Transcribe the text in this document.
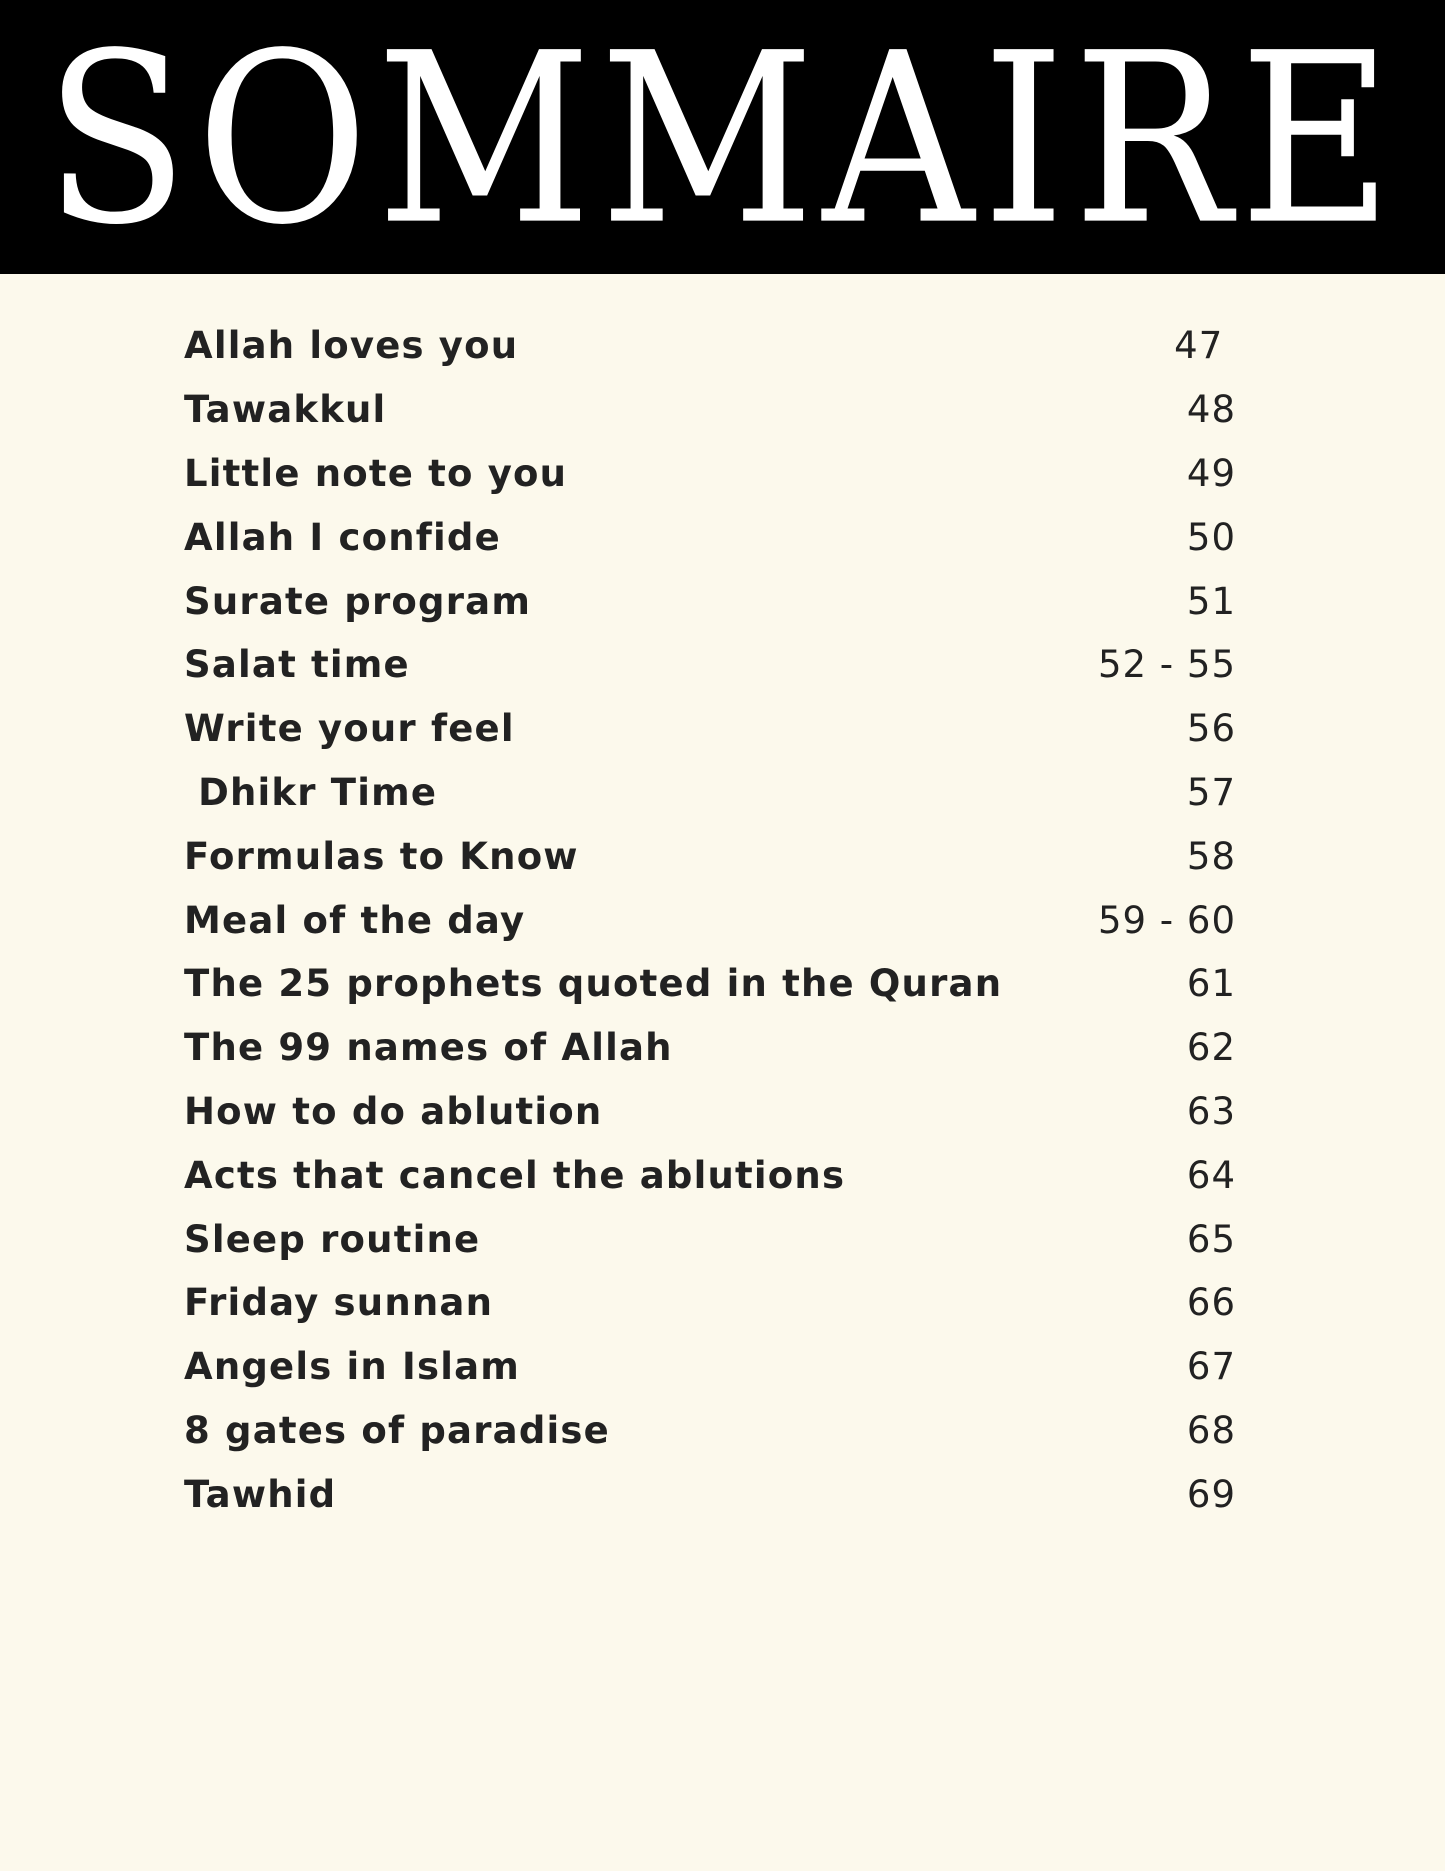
SOMMAIRE
Allah loves you	47
Tawakkul	48
Little note to you	49
Allah I confide	50
Surate program	51
Salat time	52 - 55
Write your feel	56
Dhikr Time	57
Formulas to Know	58
Meal of the day	59 - 60
The 25 prophets quoted in the Quran	61
The 99 names of Allah	62
How to do ablution	63
Acts that cancel the ablutions	64
Sleep routine	65
Friday sunnan	66
Angels in Islam	67
8 gates of paradise	68
Tawhid	69
